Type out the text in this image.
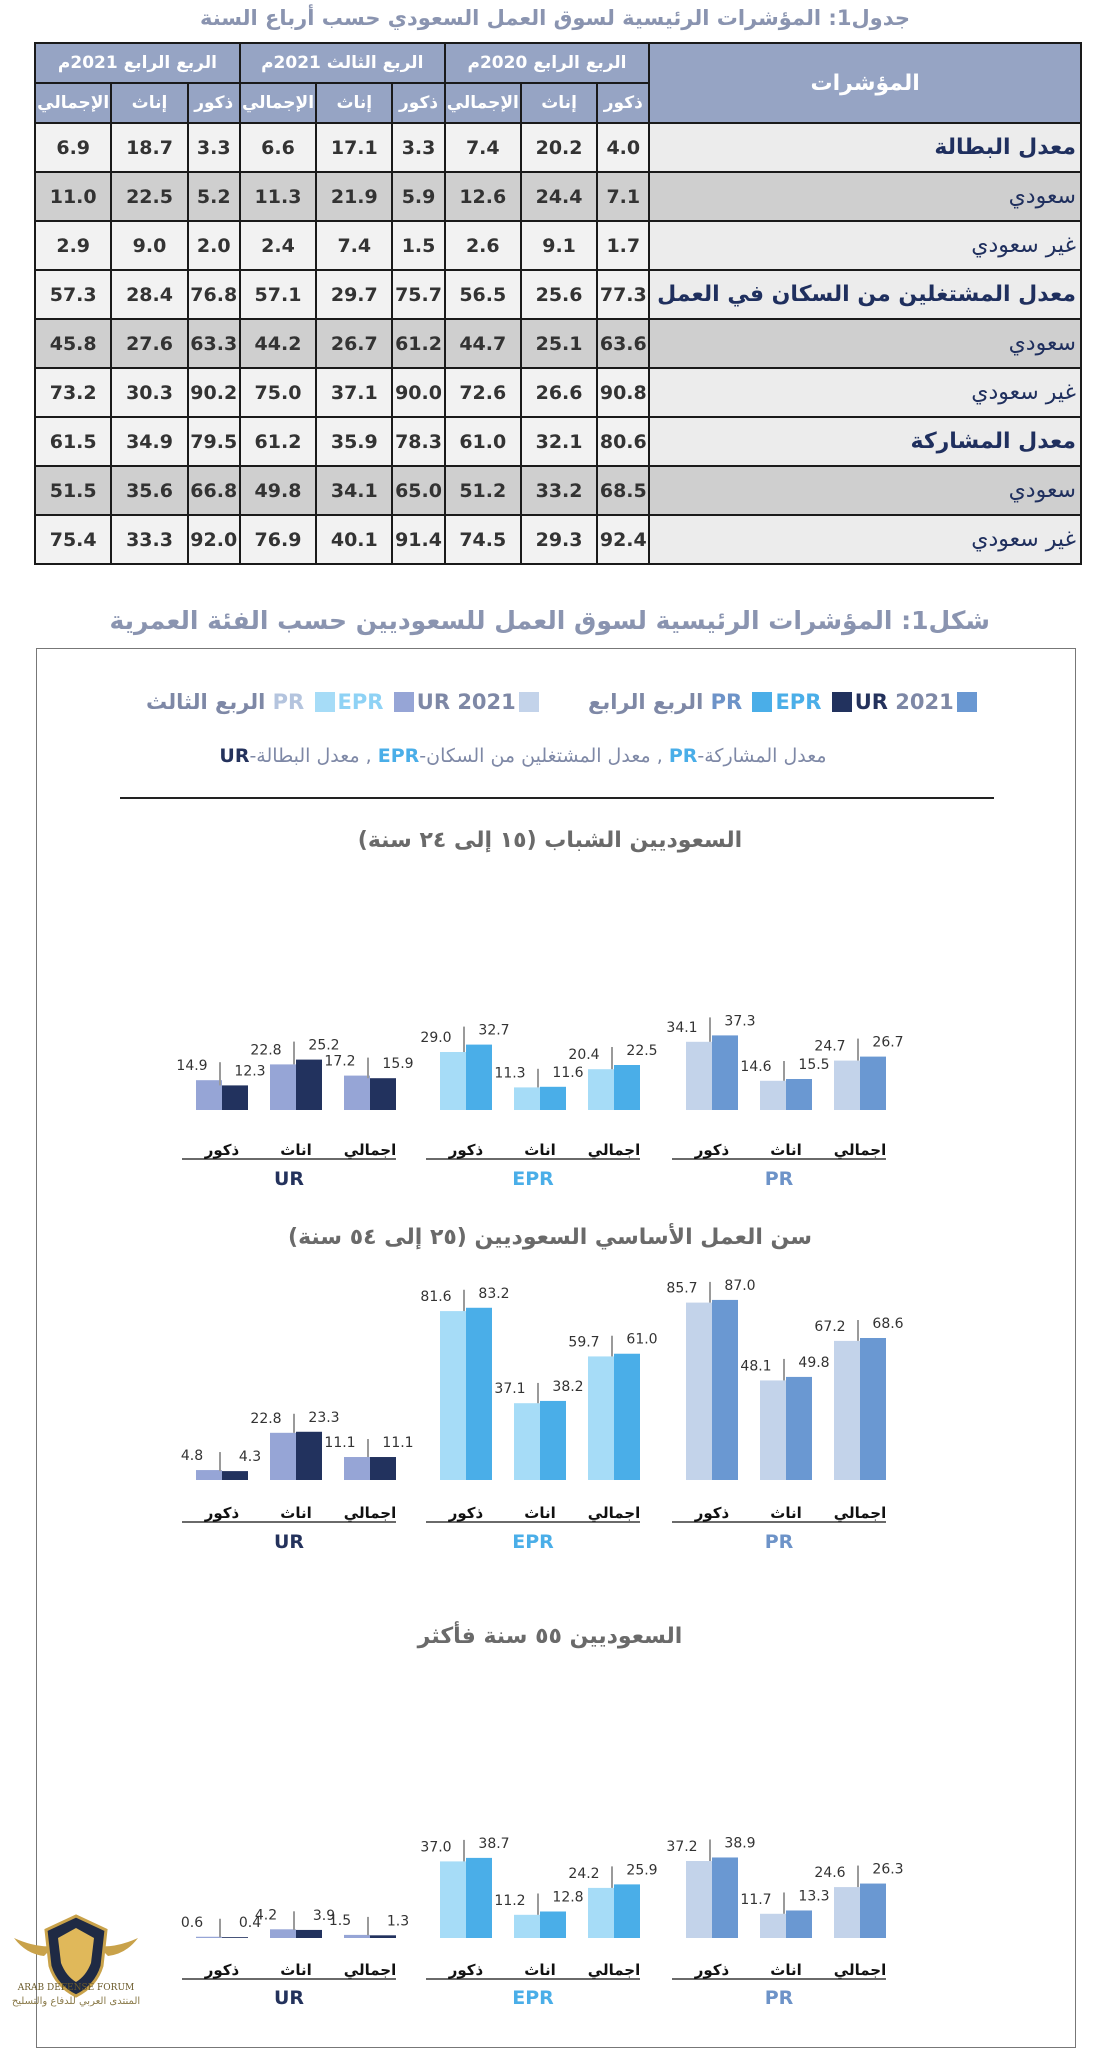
جدول1: المؤشرات الرئيسية لسوق العمل السعودي حسب أرباع السنة
المؤشرات	الربع الرابع 2020م			الربع الثالث 2021م			الربع الرابع 2021م		
	ذكور	إناث	الإجمالي	ذكور	إناث	الإجمالي	ذكور	إناث	الإجمالي
معدل البطالة	4.0	20.2	7.4	3.3	17.1	6.6	3.3	18.7	6.9
سعودي	7.1	24.4	12.6	5.9	21.9	11.3	5.2	22.5	11.0
غير سعودي	1.7	9.1	2.6	1.5	7.4	2.4	2.0	9.0	2.9
معدل المشتغلين من السكان في العمل	77.3	25.6	56.5	75.7	29.7	57.1	76.8	28.4	57.3
سعودي	63.6	25.1	44.7	61.2	26.7	44.2	63.3	27.6	45.8
غير سعودي	90.8	26.6	72.6	90.0	37.1	75.0	90.2	30.3	73.2
معدل المشاركة	80.6	32.1	61.0	78.3	35.9	61.2	79.5	34.9	61.5
سعودي	68.5	33.2	51.2	65.0	34.1	49.8	66.8	35.6	51.5
غير سعودي	92.4	29.3	74.5	91.4	40.1	76.9	92.0	33.3	75.4
شكل1: المؤشرات الرئيسية لسوق العمل للسعوديين حسب الفئة العمرية
PR EPR UR 2021 الربع الرابع
PR EPR UR 2021 الربع الثالث
معدل المشاركة-PR , معدل المشتغلين من السكان-EPR , معدل البطالة-UR
السعوديين الشباب (١٥ إلى ٢٤ سنة)
سن العمل الأساسي السعوديين (٢٥ إلى ٥٤ سنة)
السعوديين ٥٥ سنة فأكثر
24.7 26.7
اجمالي
14.6 15.5
اناث
34.1 37.3
ذكور
PR
20.4 22.5
اجمالي
11.3 11.6
اناث
29.0 32.7
ذكور
EPR
17.2 15.9
اجمالي
22.8 25.2
اناث
14.9 12.3
ذكور
UR
67.2 68.6
اجمالي
48.1 49.8
اناث
85.7 87.0
ذكور
PR
59.7 61.0
اجمالي
37.1 38.2
اناث
81.6 83.2
ذكور
EPR
11.1 11.1
اجمالي
22.8 23.3
اناث
4.8	4.3
ذكور
UR
24.6 26.3
اجمالي
11.7 13.3
اناث
37.2 38.9
ذكور
PR
24.2 25.9
اجمالي
11.2 12.8
اناث
37.0 38.7
ذكور
EPR
1.5	1.3
اجمالي
4.2	3.9
اناث
0.6	0.4
ذكور
UR
ARAB DEFENSE FORUM
المنتدى العربي للدفاع والتسليح
